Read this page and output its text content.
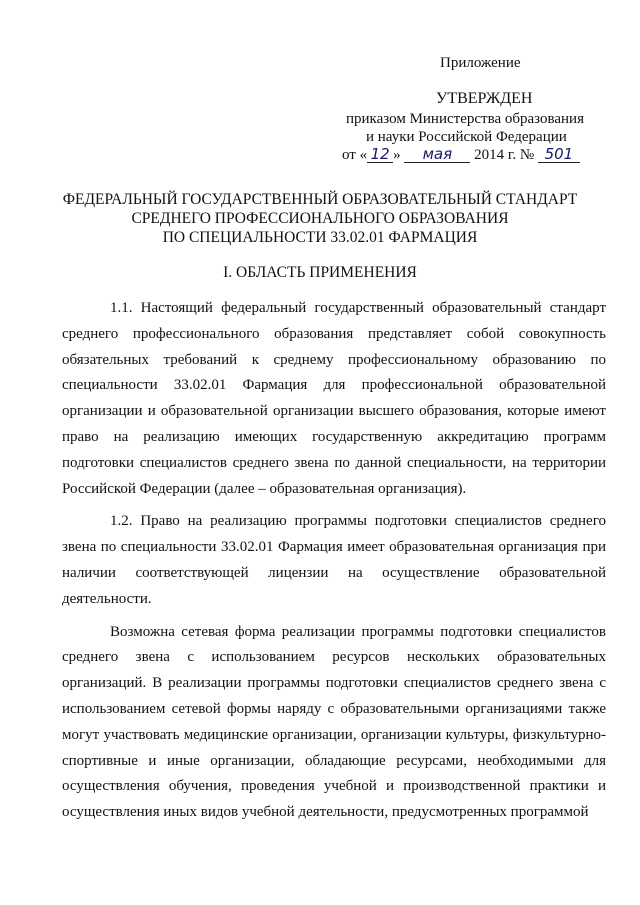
Приложение
УТВЕРЖДЕН
приказом Министерства образования
и науки Российской Федерации
от « 12 » мая 2014 г. № 501
ФЕДЕРАЛЬНЫЙ ГОСУДАРСТВЕННЫЙ ОБРАЗОВАТЕЛЬНЫЙ СТАНДАРТ
СРЕДНЕГО ПРОФЕССИОНАЛЬНОГО ОБРАЗОВАНИЯ
ПО СПЕЦИАЛЬНОСТИ 33.02.01 ФАРМАЦИЯ
I. ОБЛАСТЬ ПРИМЕНЕНИЯ

1.1. Настоящий федеральный государственный образовательный стандарт среднего профессионального образования представляет собой совокупность обязательных требований к среднему профессиональному образованию по специальности 33.02.01 Фармация для профессиональной образовательной организации и образовательной организации высшего образования, которые имеют право на реализацию имеющих государственную аккредитацию программ подготовки специалистов среднего звена по данной специальности, на территории Российской Федерации (далее – образовательная организация).

1.2. Право на реализацию программы подготовки специалистов среднего звена по специальности 33.02.01 Фармация имеет образовательная организация при наличии соответствующей лицензии на осуществление образовательной деятельности.

Возможна сетевая форма реализации программы подготовки специалистов среднего звена с использованием ресурсов нескольких образовательных организаций. В реализации программы подготовки специалистов среднего звена с использованием сетевой формы наряду с образовательными организациями также могут участвовать медицинские организации, организации культуры, физкультурно-спортивные и иные организации, обладающие ресурсами, необходимыми для осуществления обучения, проведения учебной и производственной практики и осуществления иных видов учебной деятельности, предусмотренных программой
